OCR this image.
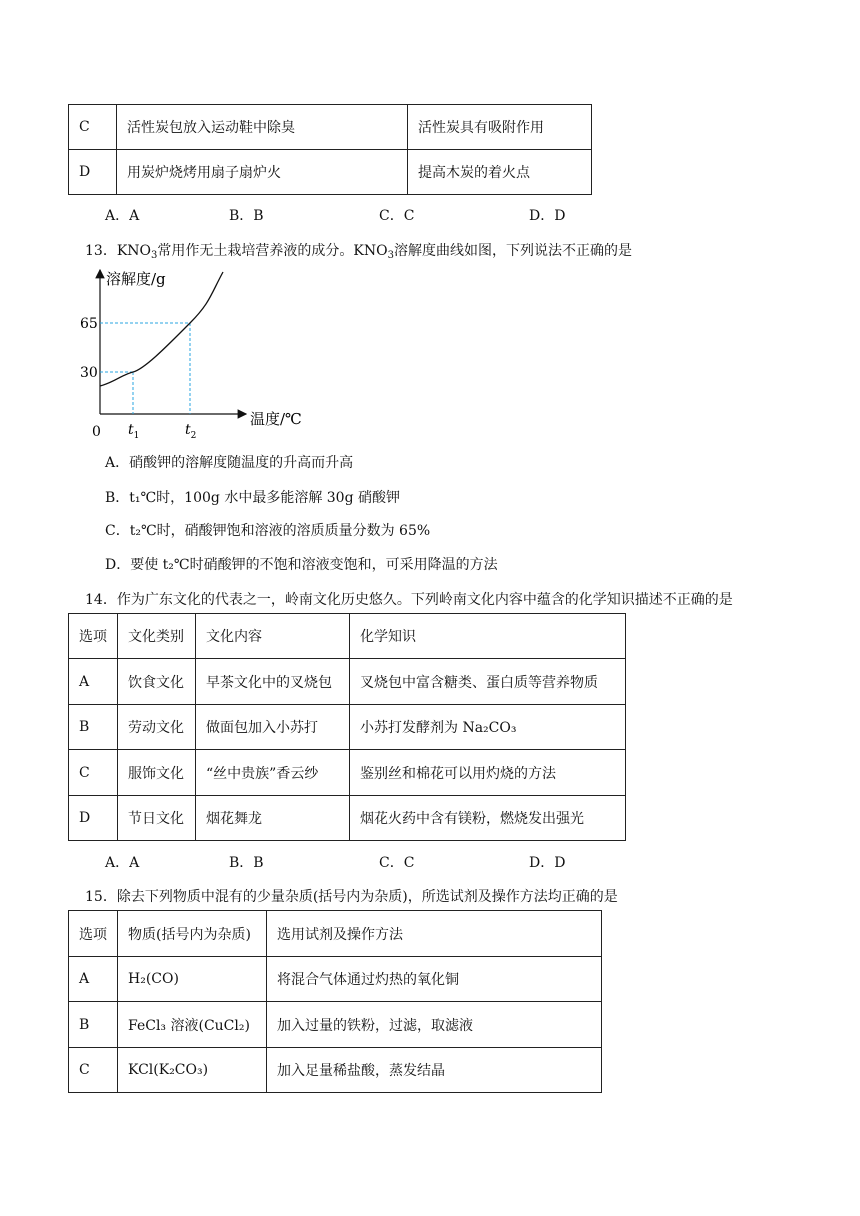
C	活性炭包放入运动鞋中除臭	活性炭具有吸附作用
D	用炭炉烧烤用扇子扇炉火	提高木炭的着火点
A．A	B．B	C．C	D．D
13．$KNO_3$常用作无土栽培营养液的成分。$KNO_3$溶解度曲线如图，下列说法不正确的是
溶解度/g
温度/℃
0
30
65
$t_1$	$t_2$
A．硝酸钾的溶解度随温度的升高而升高
B．t₁℃时，100g 水中最多能溶解 30g 硝酸钾
C．t₂℃时，硝酸钾饱和溶液的溶质质量分数为 65%
D．要使 t₂℃时硝酸钾的不饱和溶液变饱和，可采用降温的方法
14．作为广东文化的代表之一，岭南文化历史悠久。下列岭南文化内容中蕴含的化学知识描述不正确的是
选项	文化类别	文化内容	化学知识
A	饮食文化	早茶文化中的叉烧包	叉烧包中富含糖类、蛋白质等营养物质
B	劳动文化	做面包加入小苏打	小苏打发酵剂为 Na₂CO₃
C	服饰文化	“丝中贵族”香云纱	鉴别丝和棉花可以用灼烧的方法
D	节日文化	烟花舞龙	烟花火药中含有镁粉，燃烧发出强光
A．A	B．B	C．C	D．D
15．除去下列物质中混有的少量杂质(括号内为杂质)，所选试剂及操作方法均正确的是
选项	物质(括号内为杂质)	选用试剂及操作方法
A	H₂(CO)	将混合气体通过灼热的氧化铜
B	FeCl₃ 溶液(CuCl₂)	加入过量的铁粉，过滤，取滤液
C	KCl(K₂CO₃)	加入足量稀盐酸，蒸发结晶
